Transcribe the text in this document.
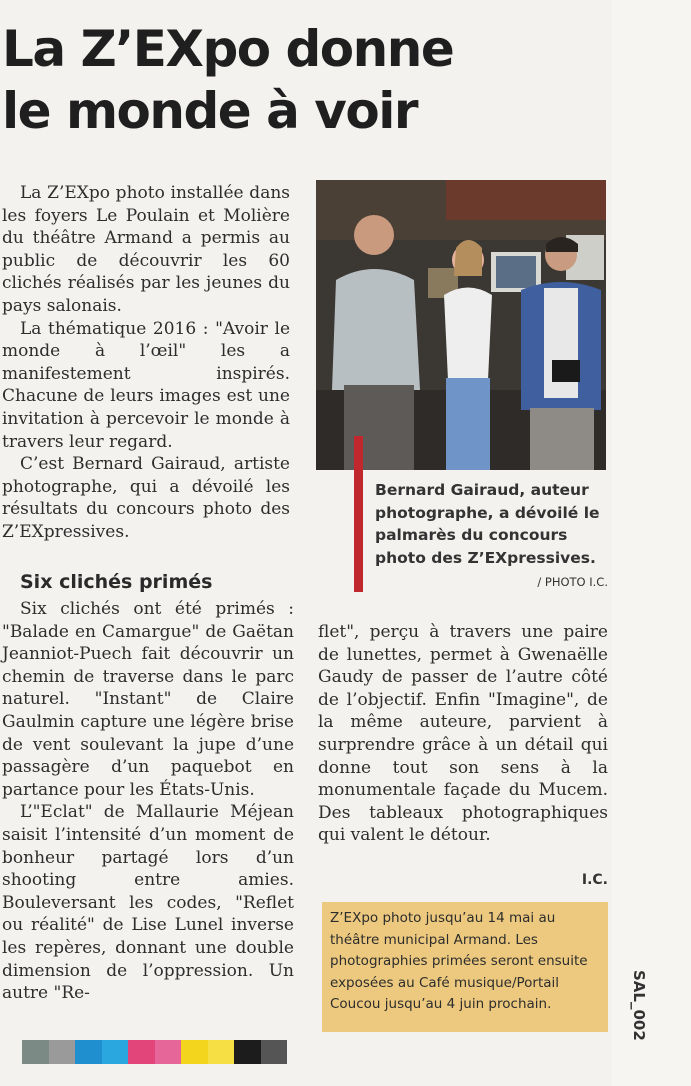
La Z’EXpo donne
le monde à voir

La Z’EXpo photo installée dans les foyers Le Poulain et Molière du théâtre Armand a permis au public de découvrir les 60 clichés réalisés par les jeunes du pays salonais.

La thématique 2016 : "Avoir le monde à l’œil" les a manifestement inspirés. Chacune de leurs images est une invitation à percevoir le monde à travers leur regard.

C’est Bernard Gairaud, artiste photographe, qui a dévoilé les résultats du concours photo des Z’EXpressives.

Six clichés primés

Six clichés ont été primés : "Balade en Camargue" de Gaëtan Jeanniot-Puech fait découvrir un chemin de traverse dans le parc naturel. "Instant" de Claire Gaulmin capture une légère brise de vent soulevant la jupe d’une passagère d’un paquebot en partance pour les États-Unis.

L’"Eclat" de Mallaurie Méjean saisit l’intensité d’un moment de bonheur partagé lors d’un shooting entre amies. Bouleversant les codes, "Reflet ou réalité" de Lise Lunel inverse les repères, donnant une double dimension de l’oppression. Un autre "Re-

Bernard Gairaud, auteur photographe, a dévoilé le palmarès du concours photo des Z’EXpressives.
/ PHOTO I.C.

flet", perçu à travers une paire de lunettes, permet à Gwenaëlle Gaudy de passer de l’autre côté de l’objectif. Enfin "Imagine", de la même auteure, parvient à surprendre grâce à un détail qui donne tout son sens à la monumentale façade du Mucem. Des tableaux photographiques qui valent le détour.

I.C.
Z’EXpo photo jusqu’au 14 mai au théâtre municipal Armand. Les photographies primées seront ensuite exposées au Café musique/Portail Coucou jusqu’au 4 juin prochain.	SAL_002
